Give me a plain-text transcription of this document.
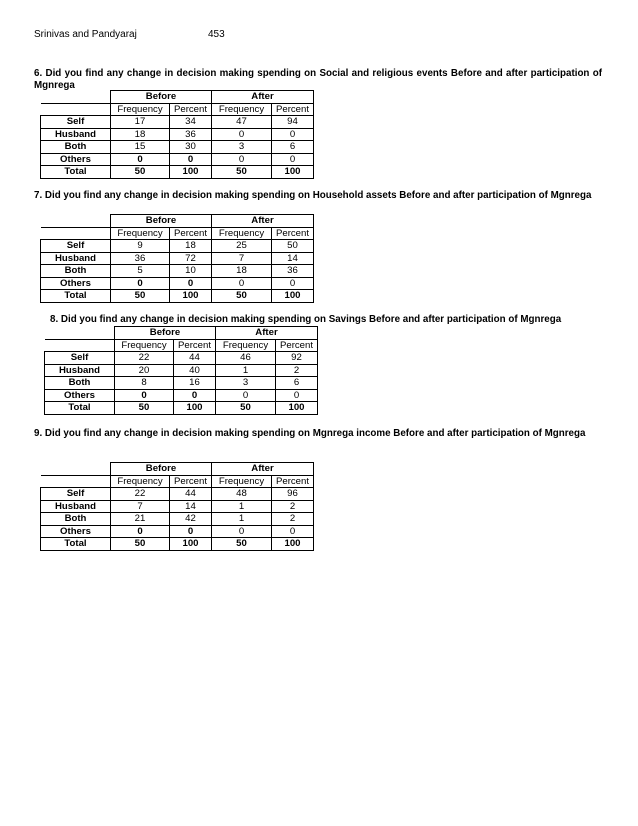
Srinivas and Pandyaraj	453
6. Did you find any change in decision making spending on Social and religious events Before and after participation of Mgnrega
	Before		After	
	Frequency	Percent	Frequency	Percent
Self	17	34	47	94
Husband	18	36	0	0
Both	15	30	3	6
Others	0	0	0	0
Total	50	100	50	100
7. Did you find any change in decision making spending on Household assets Before and after participation of Mgnrega
	Before		After	
	Frequency	Percent	Frequency	Percent
Self	9	18	25	50
Husband	36	72	7	14
Both	5	10	18	36
Others	0	0	0	0
Total	50	100	50	100
8. Did you find any change in decision making spending on Savings Before and after participation of Mgnrega
	Before		After	
	Frequency	Percent	Frequency	Percent
Self	22	44	46	92
Husband	20	40	1	2
Both	8	16	3	6
Others	0	0	0	0
Total	50	100	50	100
9. Did you find any change in decision making spending on Mgnrega income Before and after participation of Mgnrega
	Before		After	
	Frequency	Percent	Frequency	Percent
Self	22	44	48	96
Husband	7	14	1	2
Both	21	42	1	2
Others	0	0	0	0
Total	50	100	50	100
